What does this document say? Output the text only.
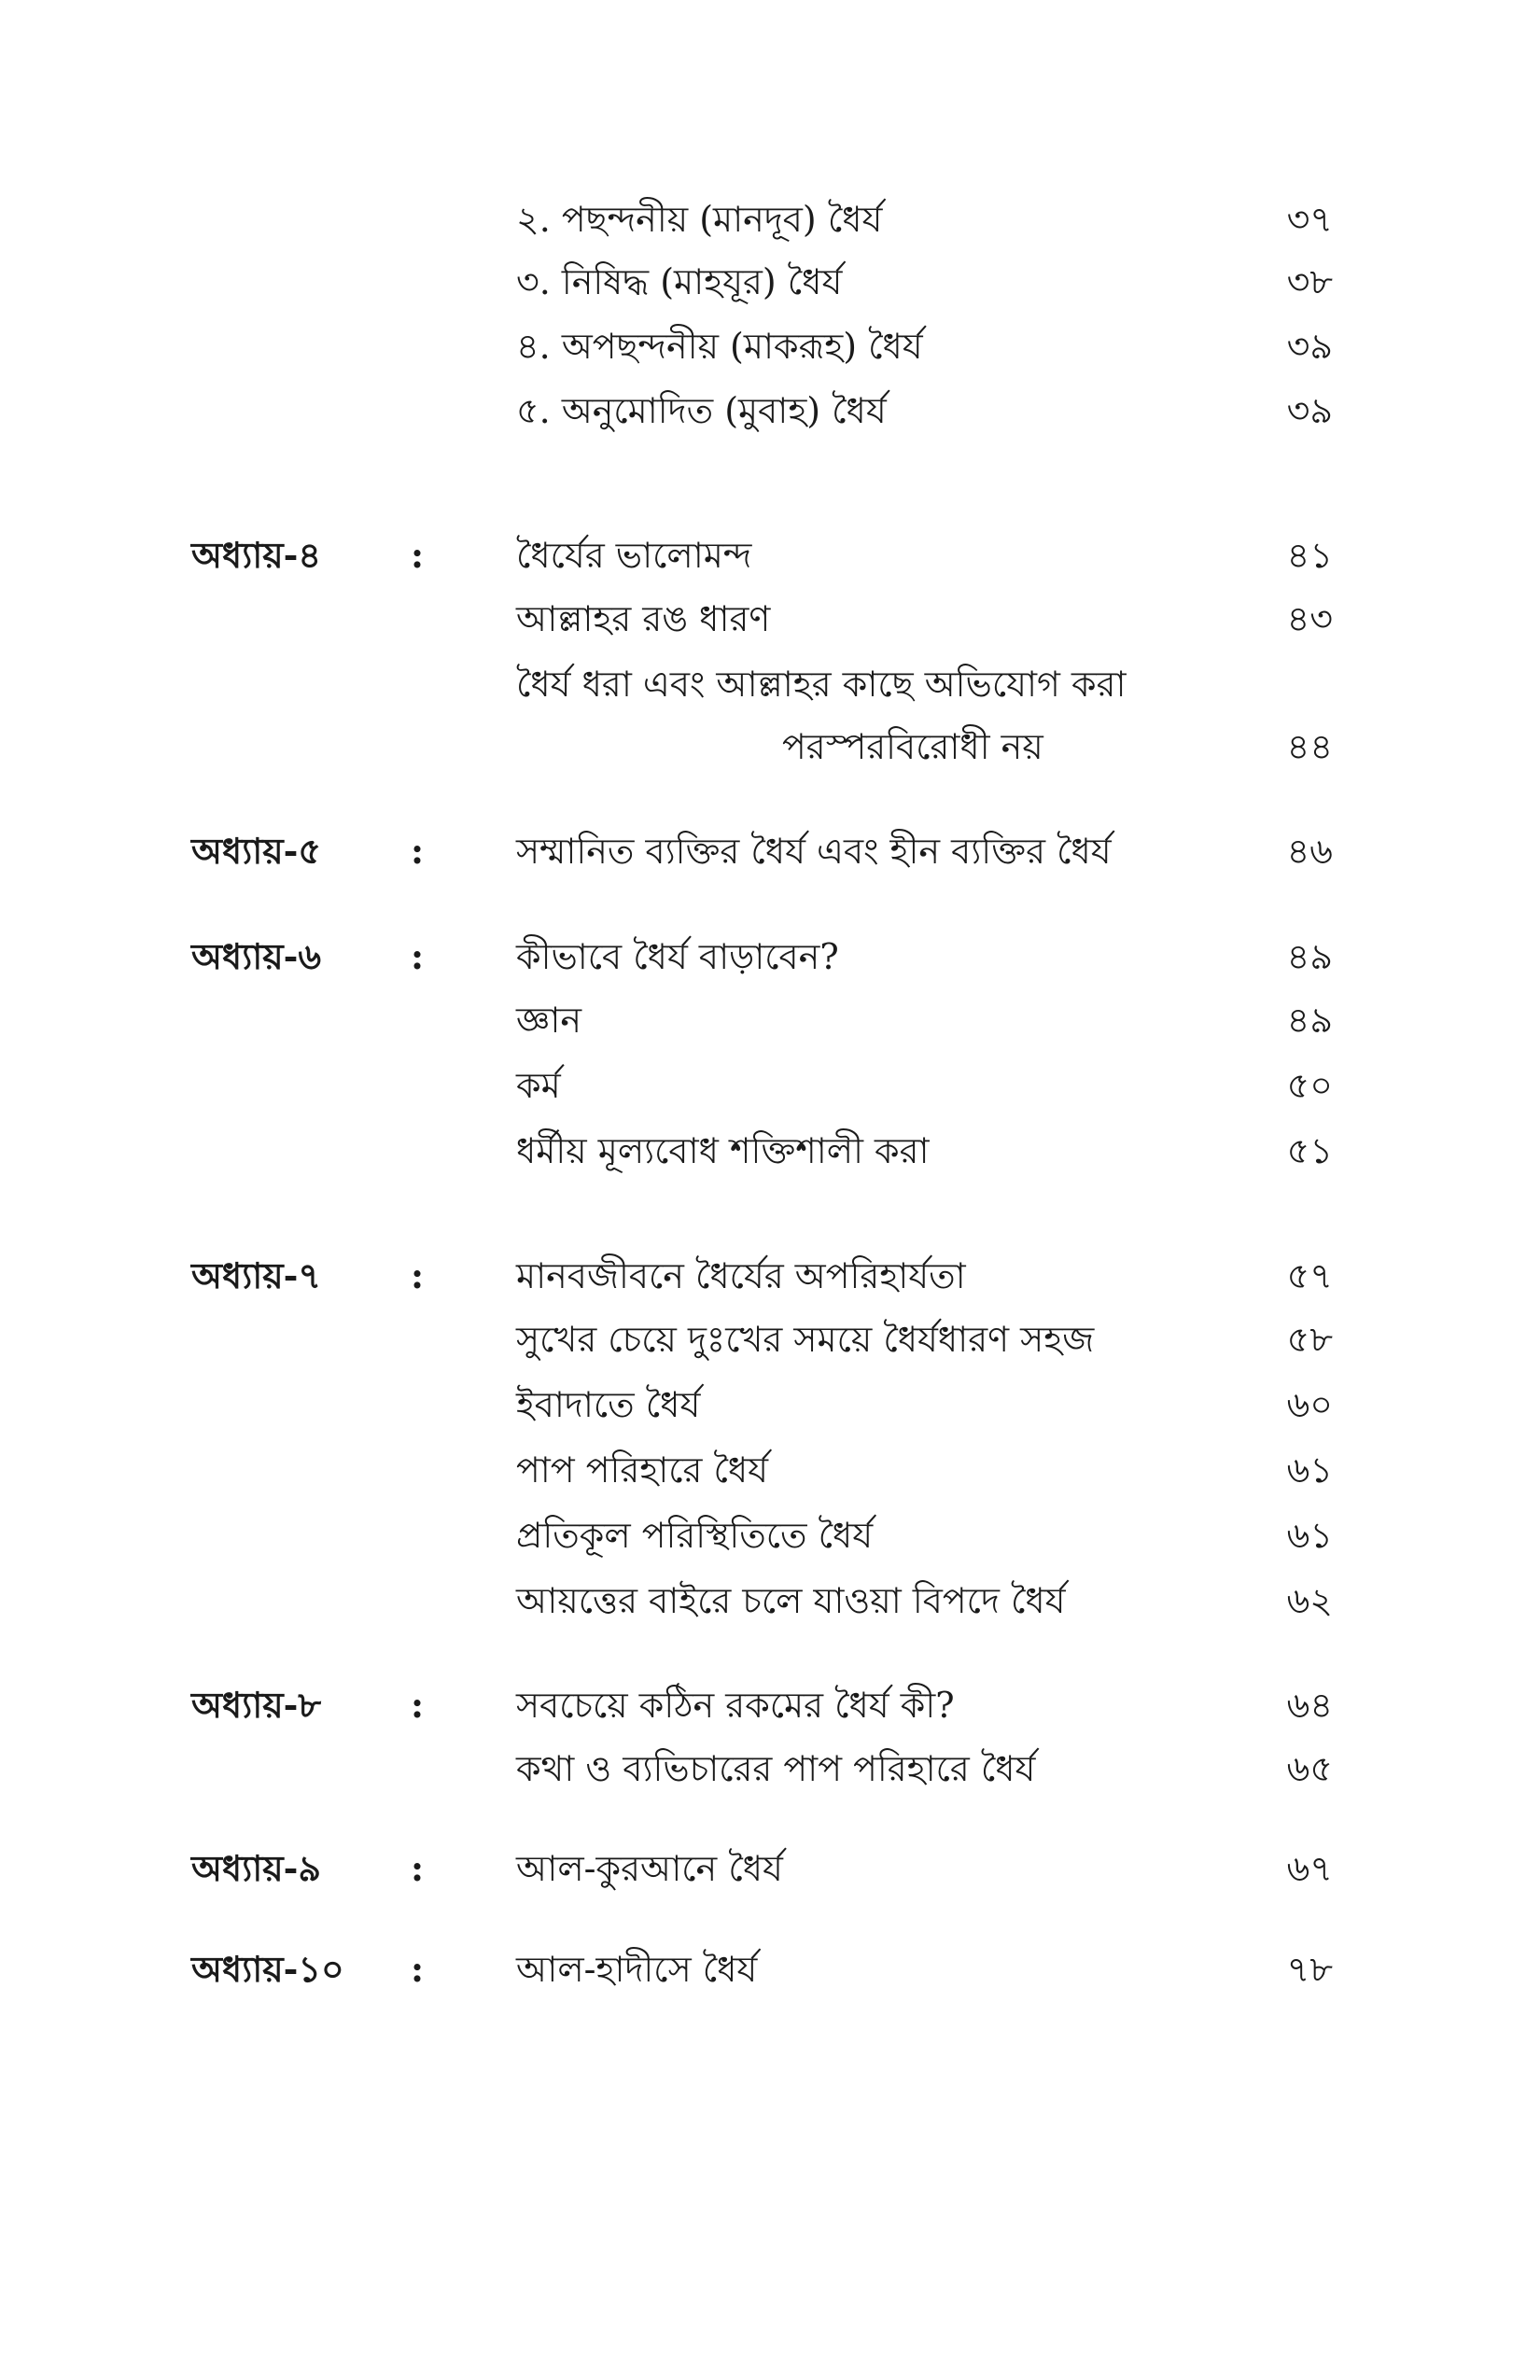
২. পছন্দনীয় (মানদূব) ধৈর্য	৩৭
৩. নিষিদ্ধ (মাহযূর) ধৈর্য	৩৮
৪. অপছন্দনীয় (মাকরূহ) ধৈর্য	৩৯
৫. অনুমোদিত (মুবাহ) ধৈর্য	৩৯
অধ্যায়-৪	:	ধৈর্যের ভালোমন্দ	৪১
আল্লাহর রঙ ধারণ	৪৩
ধৈর্য ধরা এবং আল্লাহর কাছে অভিযোগ করা
পরস্পরবিরোধী নয়	৪৪
অধ্যায়-৫	:	সম্মানিত ব্যক্তির ধৈর্য এবং হীন ব্যক্তির ধৈর্য	৪৬
অধ্যায়-৬	:	কীভাবে ধৈর্য বাড়াবেন?	৪৯
জ্ঞান	৪৯
কর্ম	৫০
ধর্মীয় মূল্যবোধ শক্তিশালী করা	৫১
অধ্যায়-৭	:	মানবজীবনে ধৈর্যের অপরিহার্যতা	৫৭
সুখের চেয়ে দুঃখের সময়ে ধৈর্যধারণ সহজ	৫৮
ইবাদাতে ধৈর্য	৬০
পাপ পরিহারে ধৈর্য	৬১
প্রতিকূল পরিস্থিতিতে ধৈর্য	৬১
আয়ত্তের বাইরে চলে যাওয়া বিপদে ধৈর্য	৬২
অধ্যায়-৮	:	সবচেয়ে কঠিন রকমের ধৈর্য কী?	৬৪
কথা ও ব্যভিচারের পাপ পরিহারে ধৈর্য	৬৫
অধ্যায়-৯	:	আল-কুরআনে ধৈর্য	৬৭
অধ্যায়-১০ :	আল-হাদীসে ধৈর্য	৭৮
